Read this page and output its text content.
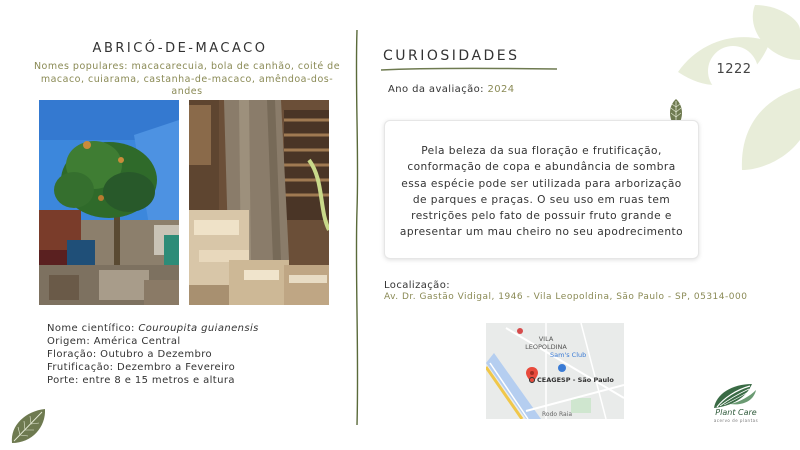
1222
ABRICÓ-DE-MACACO
Nomes populares: macacarecuia, bola de canhão, coité de macaco, cuiarama, castanha-de-macaco, amêndoa-dos-andes
Nome científico: Couroupita guianensis
Origem: América Central
Floração: Outubro a Dezembro
Frutificação: Dezembro a Fevereiro
Porte: entre 8 e 15 metros e altura
CURIOSIDADES
Ano da avaliação: 2024
Pela beleza da sua floração e frutificação, conformação de copa e abundância de sombra essa espécie pode ser utilizada para arborização de parques e praças. O seu uso em ruas tem restrições pelo fato de possuir fruto grande e apresentar um mau cheiro no seu apodrecimento
Localização:
Av. Dr. Gastão Vidigal, 1946 - Vila Leopoldina, São Paulo - SP, 05314-000
VILA LEOPOLDINA
Sam's Club
CEAGESP - São Paulo
Rodo Raia	Plant Care
acervo de plantas
